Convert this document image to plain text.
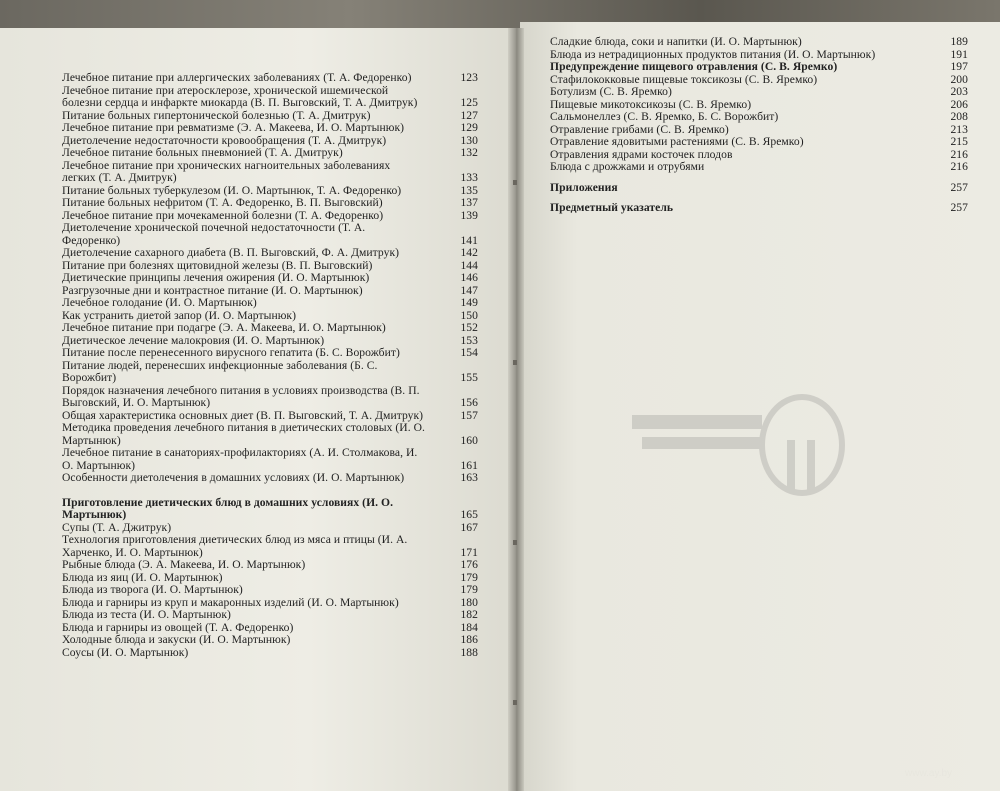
Лечебное питание при аллергических заболеваниях (Т. А. Федоренко)	123
Лечебное питание при атеросклерозе, хронической ишемической болезни сердца и инфаркте миокарда (В. П. Выговский, Т. А. Дмитрук)	125
Питание больных гипертонической болезнью (Т. А. Дмитрук)	127
Лечебное питание при ревматизме (Э. А. Макеева, И. О. Мартынюк)	129
Диетолечение недостаточности кровообращения (Т. А. Дмитрук)	130
Лечебное питание больных пневмонией (Т. А. Дмитрук)	132
Лечебное питание при хронических нагноительных заболеваниях легких (Т. А. Дмитрук)	133
Питание больных туберкулезом (И. О. Мартынюк, Т. А. Федоренко)	135
Питание больных нефритом (Т. А. Федоренко, В. П. Выговский)	137
Лечебное питание при мочекаменной болезни (Т. А. Федоренко)	139
Диетолечение хронической почечной недостаточности (Т. А. Федоренко)	141
Диетолечение сахарного диабета (В. П. Выговский, Ф. А. Дмитрук)	142
Питание при болезнях щитовидной железы (В. П. Выговский)	144
Диетические принципы лечения ожирения (И. О. Мартынюк)	146
Разгрузочные дни и контрастное питание (И. О. Мартынюк)	147
Лечебное голодание (И. О. Мартынюк)	149
Как устранить диетой запор (И. О. Мартынюк)	150
Лечебное питание при подагре (Э. А. Макеева, И. О. Мартынюк)	152
Диетическое лечение малокровия (И. О. Мартынюк)	153
Питание после перенесенного вирусного гепатита (Б. С. Ворожбит)	154
Питание людей, перенесших инфекционные заболевания (Б. С. Ворожбит)	155
Порядок назначения лечебного питания в условиях производства (В. П. Выговский, И. О. Мартынюк)	156
Общая характеристика основных диет (В. П. Выговский, Т. А. Дмитрук)	157
Методика проведения лечебного питания в диетических столовых (И. О. Мартынюк)	160
Лечебное питание в санаториях-профилакториях (А. И. Столмакова, И. О. Мартынюк)	161
Особенности диетолечения в домашних условиях (И. О. Мартынюк)	163
Приготовление диетических блюд в домашних условиях (И. О. Мартынюк)	165
Супы (Т. А. Джитрук)	167
Технология приготовления диетических блюд из мяса и птицы (И. А. Харченко, И. О. Мартынюк)	171
Рыбные блюда (Э. А. Макеева, И. О. Мартынюк)	176
Блюда из яиц (И. О. Мартынюк)	179
Блюда из творога (И. О. Мартынюк)	179
Блюда и гарниры из круп и макаронных изделий (И. О. Мартынюк)	180
Блюда из теста (И. О. Мартынюк)	182
Блюда и гарниры из овощей (Т. А. Федоренко)	184
Холодные блюда и закуски (И. О. Мартынюк)	186
Соусы (И. О. Мартынюк)	188
Сладкие блюда, соки и напитки (И. О. Мартынюк)	189
Блюда из нетрадиционных продуктов питания (И. О. Мартынюк)	191
Предупреждение пищевого отравления (С. В. Яремко)	197
Стафилококковые пищевые токсикозы (С. В. Яремко)	200
Ботулизм (С. В. Яремко)	203
Пищевые микотоксикозы (С. В. Яремко)	206
Сальмонеллез (С. В. Яремко, Б. С. Ворожбит)	208
Отравление грибами (С. В. Яремко)	213
Отравление ядовитыми растениями (С. В. Яремко)	215
Отравления ядрами косточек плодов	216
Блюда с дрожжами и отрубями	216
Приложения	257
Предметный указатель	257
www.ay.by
